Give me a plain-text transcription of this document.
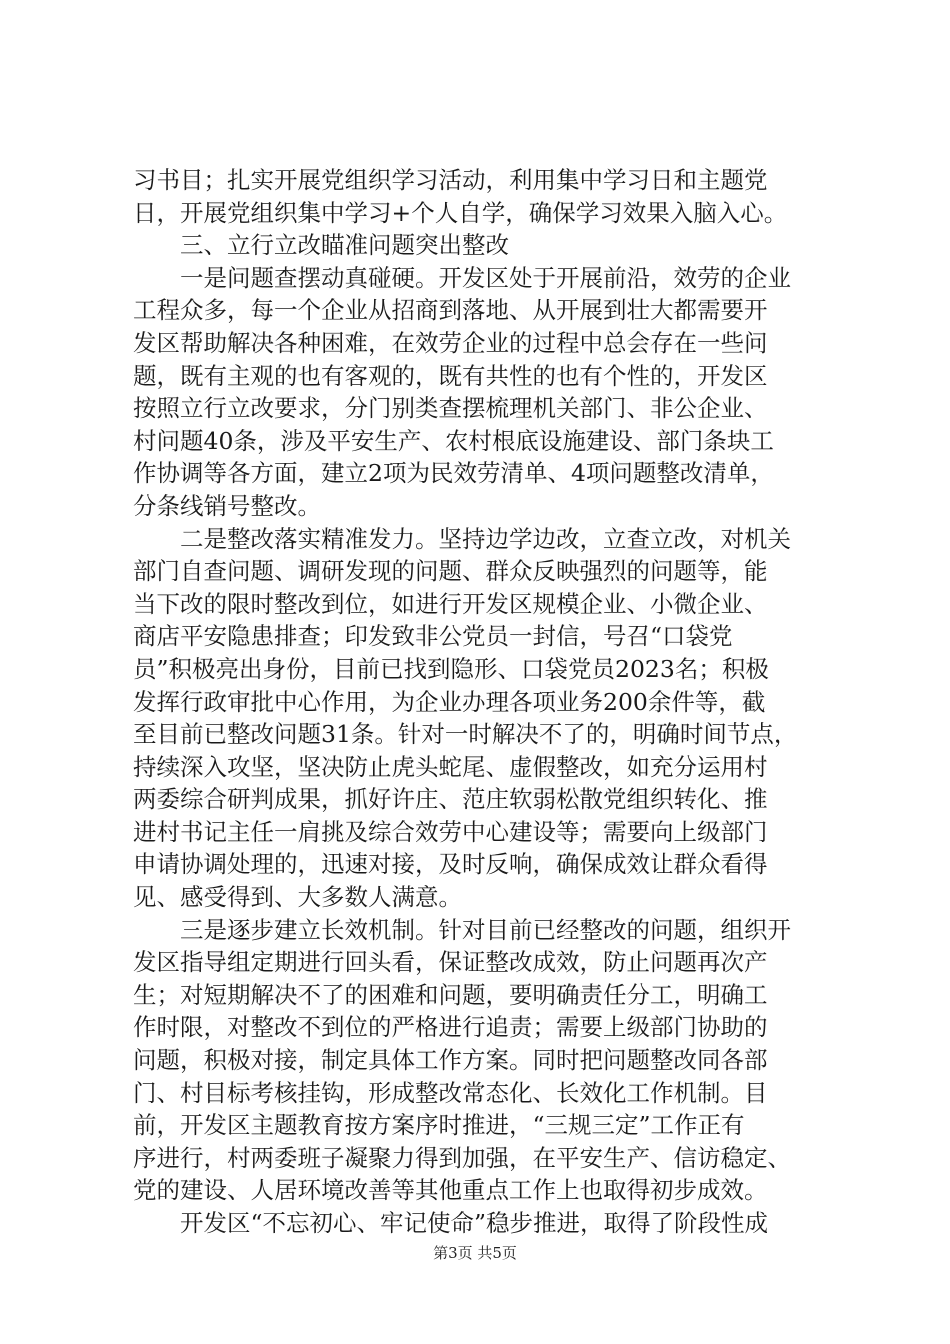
习书目；扎实开展党组织学习活动，利用集中学习日和主题党
日，开展党组织集中学习+个人自学，确保学习效果入脑入心。
三、立行立改瞄准问题突出整改
一是问题查摆动真碰硬。开发区处于开展前沿，效劳的企业
工程众多，每一个企业从招商到落地、从开展到壮大都需要开
发区帮助解决各种困难，在效劳企业的过程中总会存在一些问
题，既有主观的也有客观的，既有共性的也有个性的，开发区
按照立行立改要求，分门别类查摆梳理机关部门、非公企业、
村问题40条，涉及平安生产、农村根底设施建设、部门条块工
作协调等各方面，建立2项为民效劳清单、4项问题整改清单，
分条线销号整改。
二是整改落实精准发力。坚持边学边改，立查立改，对机关
部门自查问题、调研发现的问题、群众反映强烈的问题等，能
当下改的限时整改到位，如进行开发区规模企业、小微企业、
商店平安隐患排查；印发致非公党员一封信，号召“口袋党
员”积极亮出身份，目前已找到隐形、口袋党员2023名；积极
发挥行政审批中心作用，为企业办理各项业务200余件等，截
至目前已整改问题31条。针对一时解决不了的，明确时间节点，
持续深入攻坚，坚决防止虎头蛇尾、虚假整改，如充分运用村
两委综合研判成果，抓好许庄、范庄软弱松散党组织转化、推
进村书记主任一肩挑及综合效劳中心建设等；需要向上级部门
申请协调处理的，迅速对接，及时反响，确保成效让群众看得
见、感受得到、大多数人满意。
三是逐步建立长效机制。针对目前已经整改的问题，组织开
发区指导组定期进行回头看，保证整改成效，防止问题再次产
生；对短期解决不了的困难和问题，要明确责任分工，明确工
作时限，对整改不到位的严格进行追责；需要上级部门协助的
问题，积极对接，制定具体工作方案。同时把问题整改同各部
门、村目标考核挂钩，形成整改常态化、长效化工作机制。目
前，开发区主题教育按方案序时推进，“三规三定”工作正有
序进行，村两委班子凝聚力得到加强，在平安生产、信访稳定、
党的建设、人居环境改善等其他重点工作上也取得初步成效。
开发区“不忘初心、牢记使命”稳步推进，取得了阶段性成
第3页 共5页
